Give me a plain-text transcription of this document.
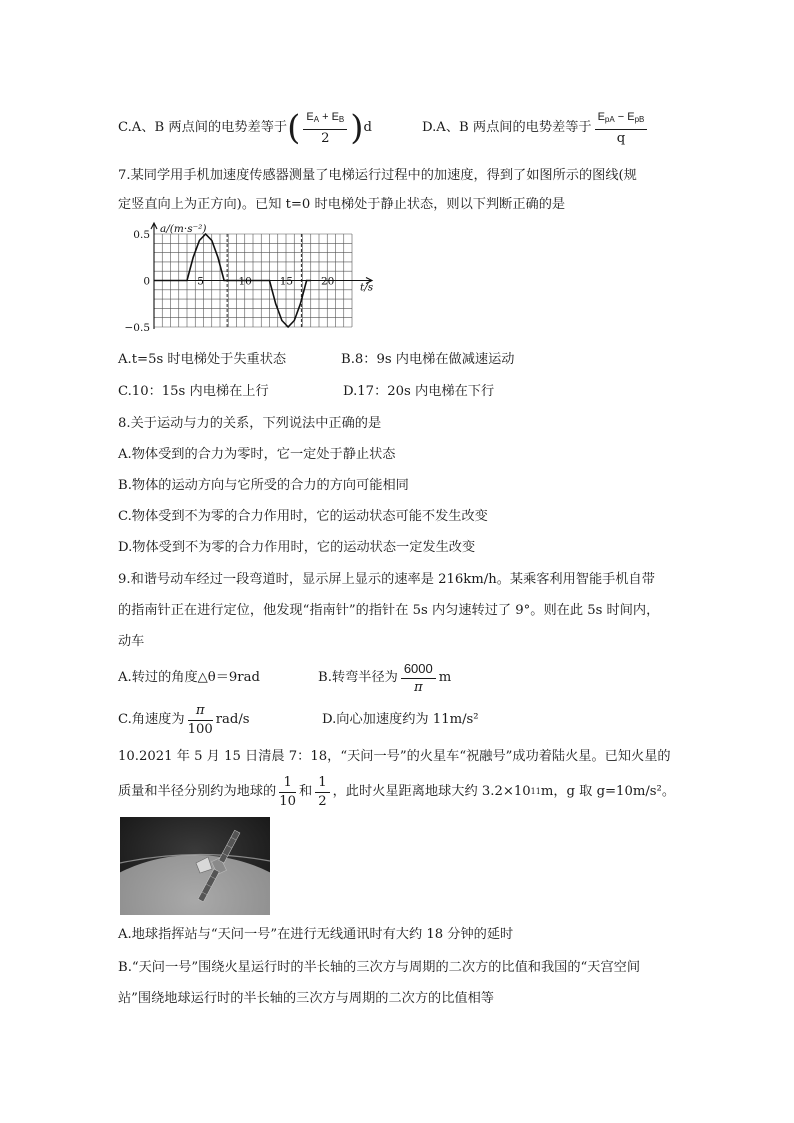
C.A、B 两点间的电势差等于 ( $\frac{E_A + E_B}{2}$ ) d	D.A、B 两点间的电势差等于 $\frac{E_{pA} - E_{pB}}{q}$
7.某同学用手机加速度传感器测量了电梯运行过程中的加速度，得到了如图所示的图线(规
定竖直向上为正方向)。已知 t=0 时电梯处于静止状态，则以下判断正确的是
5	10	15	20
0.5
0
−0.5
a/(m·s⁻²)
t/s
A.t=5s 时电梯处于失重状态	B.8：9s 内电梯在做减速运动
C.10：15s 内电梯在上行	D.17：20s 内电梯在下行
8.关于运动与力的关系，下列说法中正确的是
A.物体受到的合力为零时，它一定处于静止状态
B.物体的运动方向与它所受的合力的方向可能相同
C.物体受到不为零的合力作用时，它的运动状态可能不发生改变
D.物体受到不为零的合力作用时，它的运动状态一定发生改变
9.和谐号动车经过一段弯道时，显示屏上显示的速率是 216km/h。某乘客利用智能手机自带
的指南针正在进行定位，他发现“指南针”的指针在 5s 内匀速转过了 9°。则在此 5s 时间内，
动车
A.转过的角度△θ＝9rad	B.转弯半径为 $\frac{6000}{\pi}$ m
C.角速度为 $\frac{\pi}{100} rad/s$	D.向心加速度约为 11m/s²
10.2021 年 5 月 15 日清晨 7：18，“天问一号”的火星车“祝融号”成功着陆火星。已知火星的
质量和半径分别约为地球的 $\frac{1}{10}$ 和 $\frac{1}{2}$ ，此时火星距离地球大约 3.2×10 11 m，g 取 g=10m/s²。
A.地球指挥站与“天问一号”在进行无线通讯时有大约 18 分钟的延时
B.“天问一号”围绕火星运行时的半长轴的三次方与周期的二次方的比值和我国的“天宫空间
站”围绕地球运行时的半长轴的三次方与周期的二次方的比值相等
